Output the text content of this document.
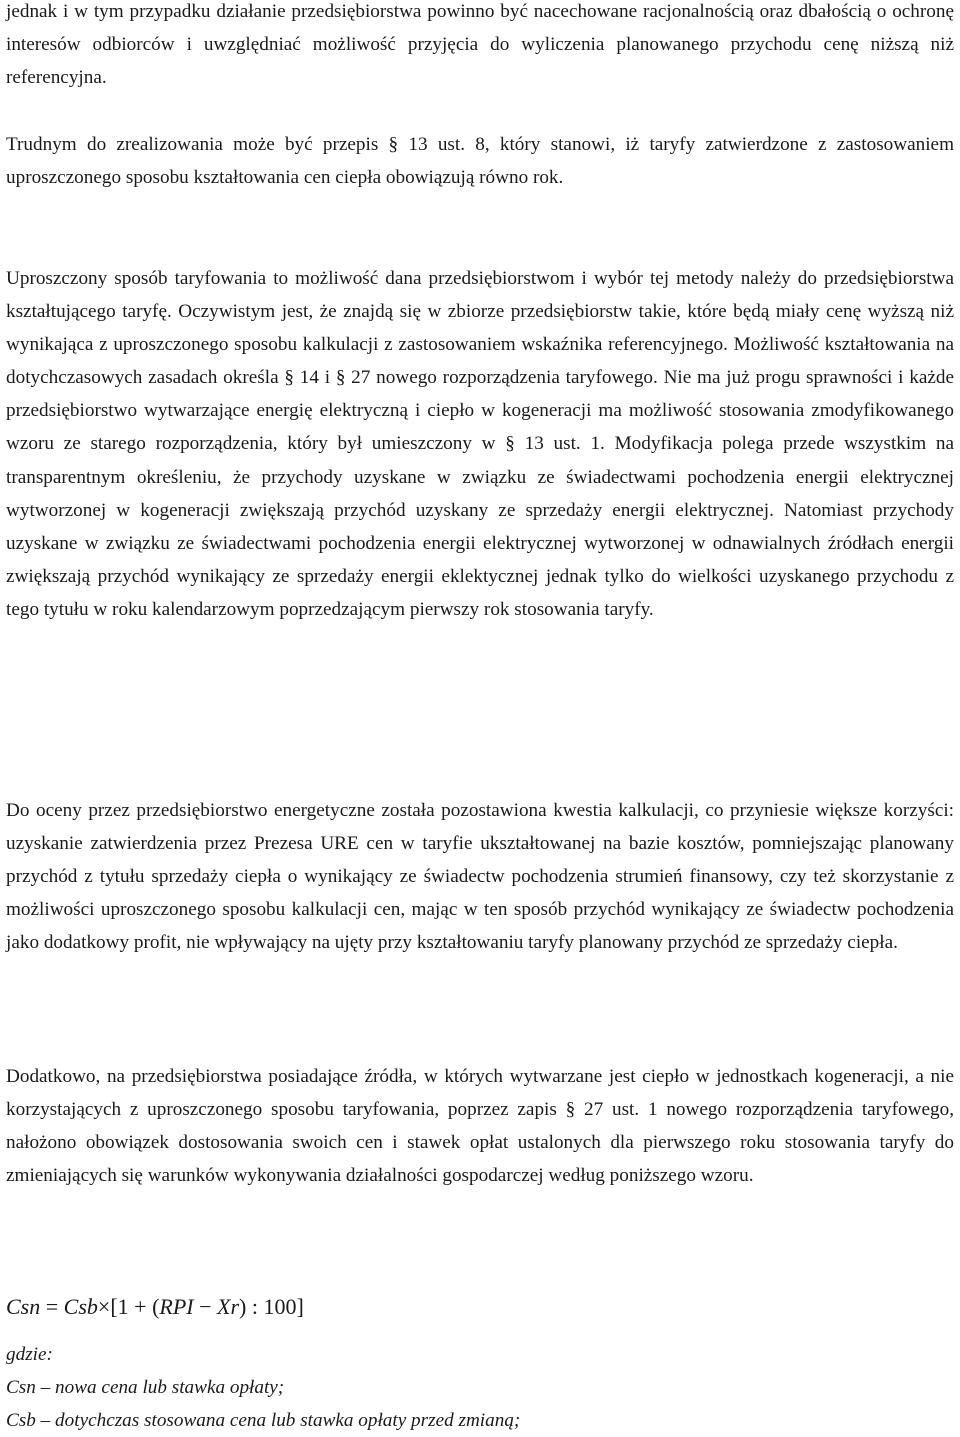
jednak i w tym przypadku działanie przedsiębiorstwa powinno być nacechowane racjonalnością oraz dbałością o ochronę interesów odbiorców i uwzględniać możliwość przyjęcia do wyliczenia planowanego przychodu cenę niższą niż referencyjna.

Trudnym do zrealizowania może być przepis § 13 ust. 8, który stanowi, iż taryfy zatwierdzone z zastosowaniem uproszczonego sposobu kształtowania cen ciepła obowiązują równo rok.

Uproszczony sposób taryfowania to możliwość dana przedsiębiorstwom i wybór tej metody należy do przedsiębiorstwa kształtującego taryfę. Oczywistym jest, że znajdą się w zbiorze przedsiębiorstw takie, które będą miały cenę wyższą niż wynikająca z uproszczonego sposobu kalkulacji z zastosowaniem wskaźnika referencyjnego. Możliwość kształtowania na dotychczasowych zasadach określa § 14 i § 27 nowego rozporządzenia taryfowego. Nie ma już progu sprawności i każde przedsiębiorstwo wytwarzające energię elektryczną i ciepło w kogeneracji ma możliwość stosowania zmodyfikowanego wzoru ze starego rozporządzenia, który był umieszczony w § 13 ust. 1. Modyfikacja polega przede wszystkim na transparentnym określeniu, że przychody uzyskane w związku ze świadectwami pochodzenia energii elektrycznej wytworzonej w kogeneracji zwiększają przychód uzyskany ze sprzedaży energii elektrycznej. Natomiast przychody uzyskane w związku ze świadectwami pochodzenia energii elektrycznej wytworzonej w odnawialnych źródłach energii zwiększają przychód wynikający ze sprzedaży energii eklektycznej jednak tylko do wielkości uzyskanego przychodu z tego tytułu w roku kalendarzowym poprzedzającym pierwszy rok stosowania taryfy.

Do oceny przez przedsiębiorstwo energetyczne została pozostawiona kwestia kalkulacji, co przyniesie większe korzyści: uzyskanie zatwierdzenia przez Prezesa URE cen w taryfie ukształtowanej na bazie kosztów, pomniejszając planowany przychód z tytułu sprzedaży ciepła o wynikający ze świadectw pochodzenia strumień finansowy, czy też skorzystanie z możliwości uproszczonego sposobu kalkulacji cen, mając w ten sposób przychód wynikający ze świadectw pochodzenia jako dodatkowy profit, nie wpływający na ujęty przy kształtowaniu taryfy planowany przychód ze sprzedaży ciepła.

Dodatkowo, na przedsiębiorstwa posiadające źródła, w których wytwarzane jest ciepło w jednostkach kogeneracji, a nie korzystających z uproszczonego sposobu taryfowania, poprzez zapis § 27 ust. 1 nowego rozporządzenia taryfowego, nałożono obowiązek dostosowania swoich cen i stawek opłat ustalonych dla pierwszego roku stosowania taryfy do zmieniających się warunków wykonywania działalności gospodarczej według poniższego wzoru.

Csn = Csb×[1 + (RPI − Xr) : 100]
gdzie:
Csn – nowa cena lub stawka opłaty;
Csb – dotychczas stosowana cena lub stawka opłaty przed zmianą;
